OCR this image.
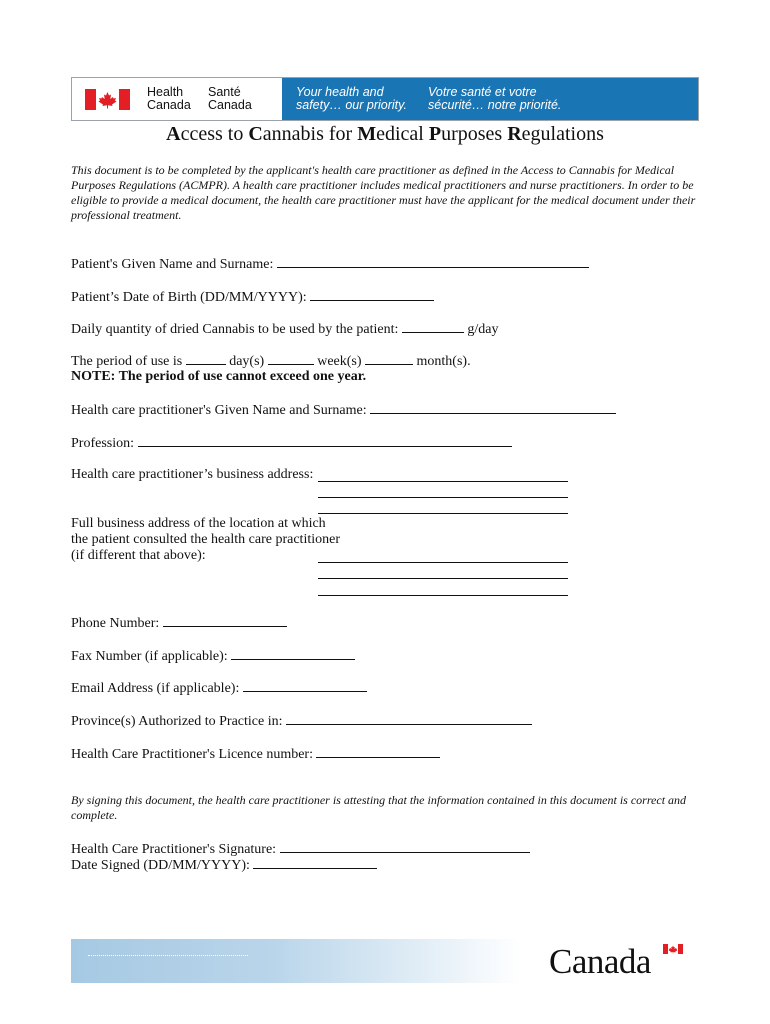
Health
Canada
Santé
Canada
Your health and
safety… our priority.
Votre santé et votre
sécurité… notre priorité.
Access to Cannabis for Medical Purposes Regulations
This document is to be completed by the applicant's health care practitioner as defined in the Access to Cannabis for Medical Purposes Regulations (ACMPR). A health care practitioner includes medical practitioners and nurse practitioners. In order to be eligible to provide a medical document, the health care practitioner must have the applicant for the medical document under their professional treatment.
Patient's Given Name and Surname:
Patient’s Date of Birth (DD/MM/YYYY):
Daily quantity of dried Cannabis to be used by the patient:	g/day
The period of use is	day(s)	week(s)	month(s).
NOTE: The period of use cannot exceed one year.
Health care practitioner's Given Name and Surname:
Profession:
Health care practitioner’s business address:
Full business address of the location at which
the patient consulted the health care practitioner
(if different that above):
Phone Number:
Fax Number (if applicable):
Email Address (if applicable):
Province(s) Authorized to Practice in:
Health Care Practitioner's Licence number:
By signing this document, the health care practitioner is attesting that the information contained in this document is correct and complete.
Health Care Practitioner's Signature:
Date Signed (DD/MM/YYYY):
Canada
